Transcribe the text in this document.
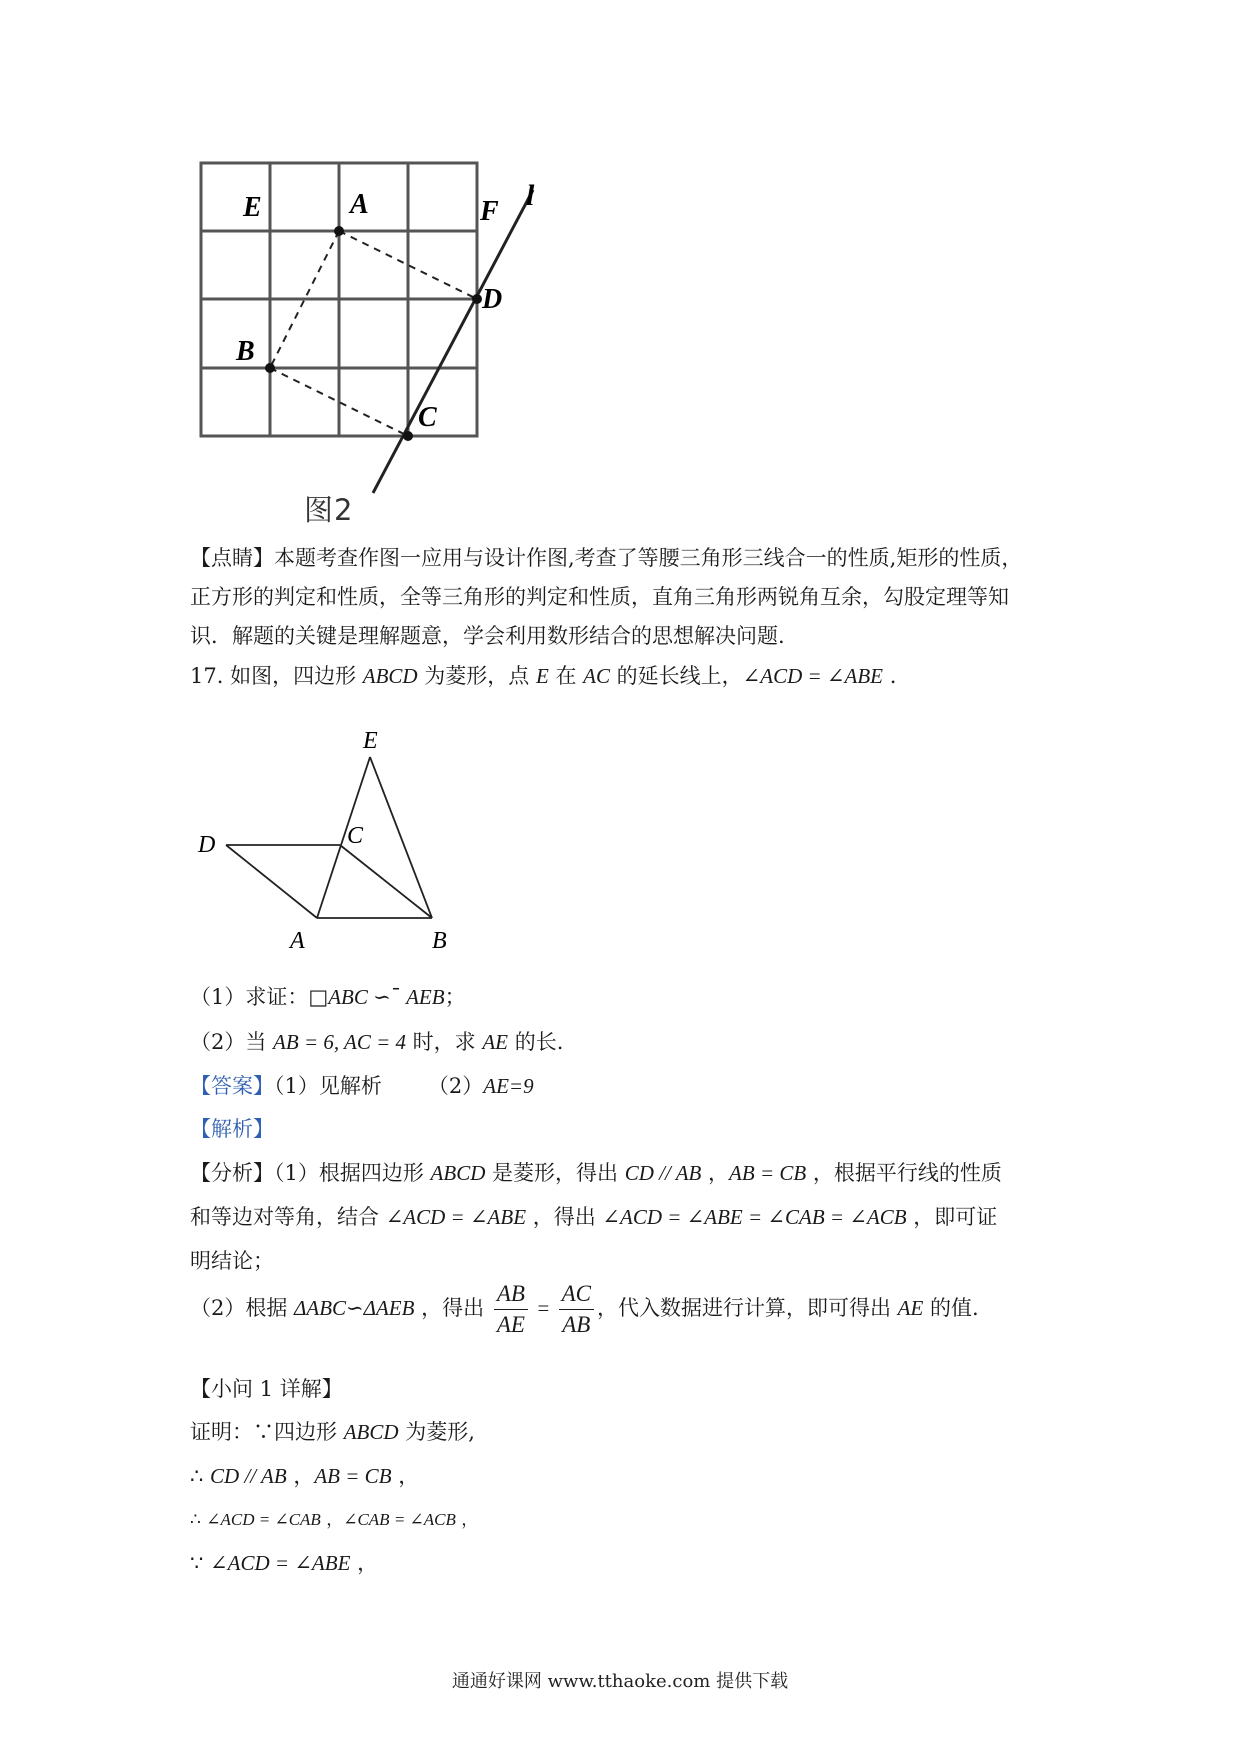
E	A	F l
D
B
C
图2
【点睛】本题考查作图一应用与设计作图,考查了等腰三角形三线合一的性质,矩形的性质，
正方形的判定和性质，全等三角形的判定和性质，直角三角形两锐角互余，勾股定理等知
识．解题的关键是理解题意，学会利用数形结合的思想解决问题.
17. 如图，四边形 ABCD 为菱形，点 E 在 AC 的延长线上，∠ACD = ∠ABE .
E
D	C
A	B
（1）求证：□ABC ∽¯ AEB；
（2）当 AB = 6, AC = 4 时，求 AE 的长.
【答案】（1）见解析 （2）AE=9
【解析】
【分析】（1）根据四边形 ABCD 是菱形，得出 CD // AB ，AB = CB ，根据平行线的性质
和等边对等角，结合 ∠ACD = ∠ABE ，得出 ∠ACD = ∠ABE = ∠CAB = ∠ACB ，即可证
明结论；
（2）根据 ΔABC∽ΔAEB ，得出 $\frac{AB}{AE} = \frac{AC}{AB}$ ，代入数据进行计算，即可得出 AE 的值.
【小问 1 详解】
证明：∵四边形 ABCD 为菱形,
∴ CD // AB ，AB = CB ，
∴ ∠ACD = ∠CAB ，∠CAB = ∠ACB ，
∵ ∠ACD = ∠ABE ，
通通好课网 www.tthaoke.com 提供下载
